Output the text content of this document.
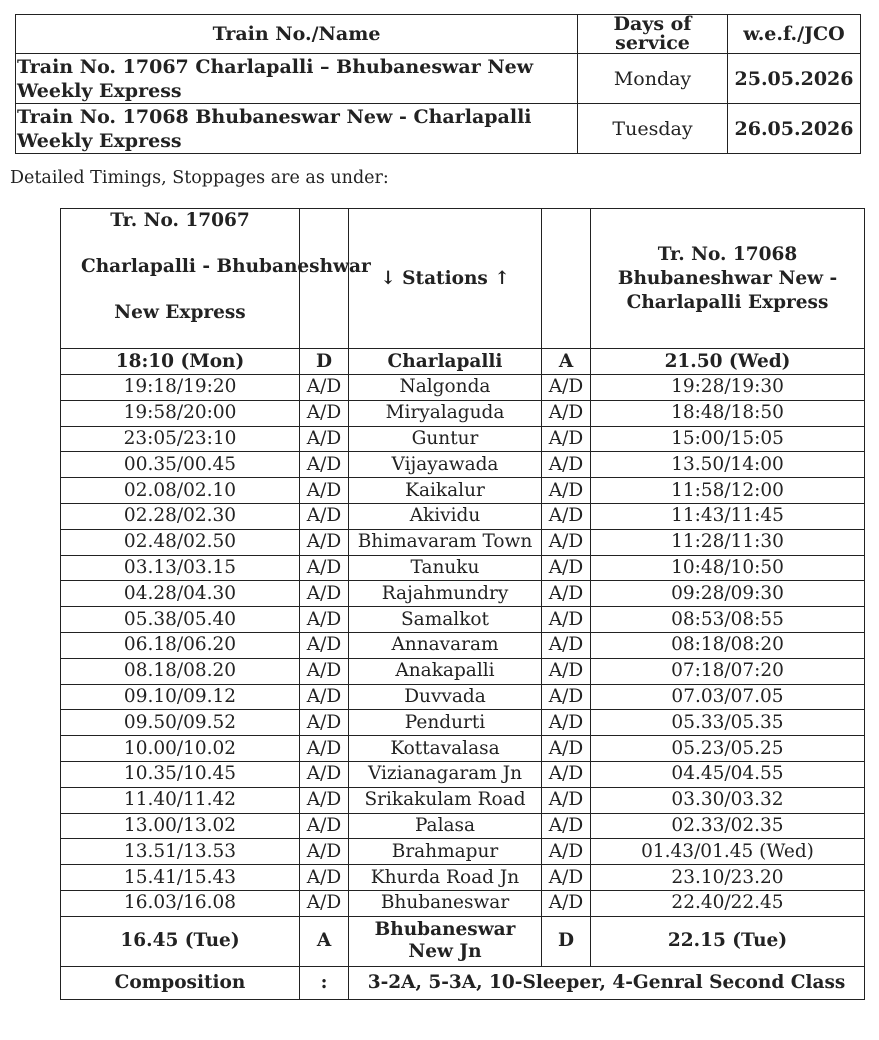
Train No./Name	Days of service	w.e.f./JCO
Train No. 17067 Charlapalli – Bhubaneswar New Weekly Express	Monday	25.05.2026
Train No. 17068 Bhubaneswar New - Charlapalli Weekly Express	Tuesday	26.05.2026
Detailed Timings, Stoppages are as under:
Tr. No. 17067
Charlapalli - Bhubaneshwar
New Express		↓ Stations ↑		Tr. No. 17068 Bhubaneshwar New - Charlapalli Express
18:10 (Mon)	D	Charlapalli	A	21.50 (Wed)
19:18/19:20	A/D	Nalgonda	A/D	19:28/19:30
19:58/20:00	A/D	Miryalaguda	A/D	18:48/18:50
23:05/23:10	A/D	Guntur	A/D	15:00/15:05
00.35/00.45	A/D	Vijayawada	A/D	13.50/14:00
02.08/02.10	A/D	Kaikalur	A/D	11:58/12:00
02.28/02.30	A/D	Akividu	A/D	11:43/11:45
02.48/02.50	A/D	Bhimavaram Town	A/D	11:28/11:30
03.13/03.15	A/D	Tanuku	A/D	10:48/10:50
04.28/04.30	A/D	Rajahmundry	A/D	09:28/09:30
05.38/05.40	A/D	Samalkot	A/D	08:53/08:55
06.18/06.20	A/D	Annavaram	A/D	08:18/08:20
08.18/08.20	A/D	Anakapalli	A/D	07:18/07:20
09.10/09.12	A/D	Duvvada	A/D	07.03/07.05
09.50/09.52	A/D	Pendurti	A/D	05.33/05.35
10.00/10.02	A/D	Kottavalasa	A/D	05.23/05.25
10.35/10.45	A/D	Vizianagaram Jn	A/D	04.45/04.55
11.40/11.42	A/D	Srikakulam Road	A/D	03.30/03.32
13.00/13.02	A/D	Palasa	A/D	02.33/02.35
13.51/13.53	A/D	Brahmapur	A/D	01.43/01.45 (Wed)
15.41/15.43	A/D	Khurda Road Jn	A/D	23.10/23.20
16.03/16.08	A/D	Bhubaneswar	A/D	22.40/22.45
16.45 (Tue)	A	Bhubaneswar New Jn	D	22.15 (Tue)
Composition	:	3-2A, 5-3A, 10-Sleeper, 4-Genral Second Class		
